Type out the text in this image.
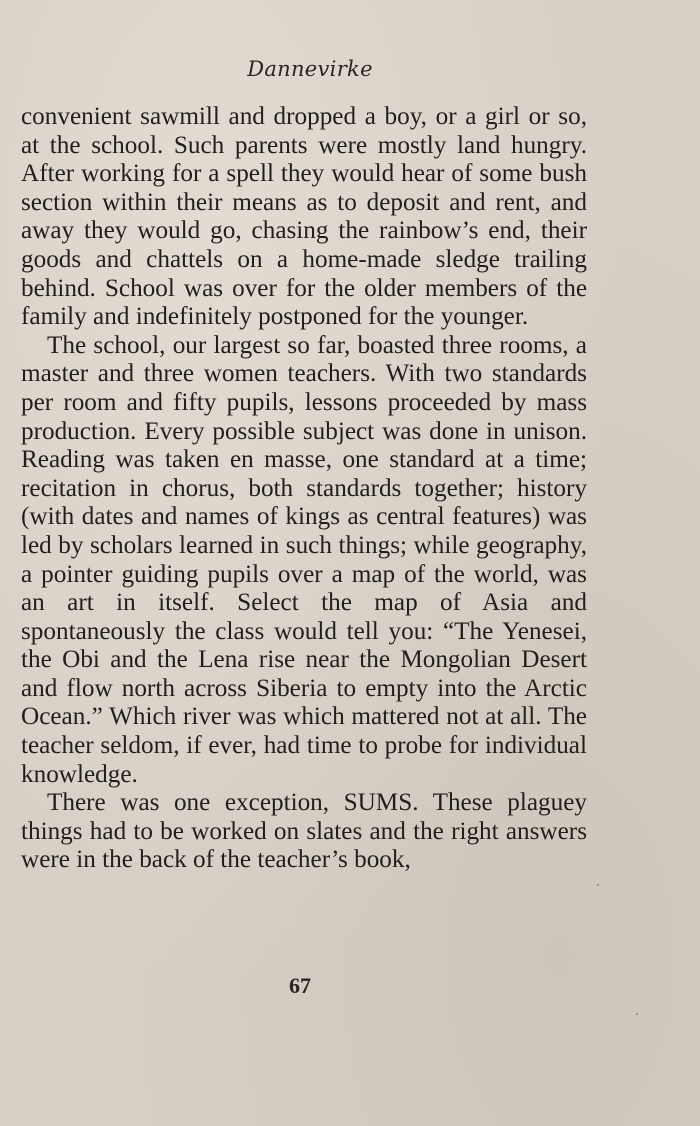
Dannevirke

convenient sawmill and dropped a boy, or a girl or so, at the school. Such parents were mostly land hungry. After working for a spell they would hear of some bush section within their means as to deposit and rent, and away they would go, chasing the rainbow’s end, their goods and chattels on a home-made sledge trailing behind. School was over for the older members of the family and indefinitely postponed for the younger.

The school, our largest so far, boasted three rooms, a master and three women teachers. With two standards per room and fifty pupils, lessons proceeded by mass production. Every possible subject was done in unison. Reading was taken en masse, one standard at a time; recitation in chorus, both standards together; history (with dates and names of kings as central features) was led by scholars learned in such things; while geography, a pointer guiding pupils over a map of the world, was an art in itself. Select the map of Asia and spontaneously the class would tell you: “The Yenesei, the Obi and the Lena rise near the Mongolian Desert and flow north across Siberia to empty into the Arctic Ocean.” Which river was which mattered not at all. The teacher seldom, if ever, had time to probe for individual knowledge.

There was one exception, SUMS. These plaguey things had to be worked on slates and the right answers were in the back of the teacher’s book,

67
